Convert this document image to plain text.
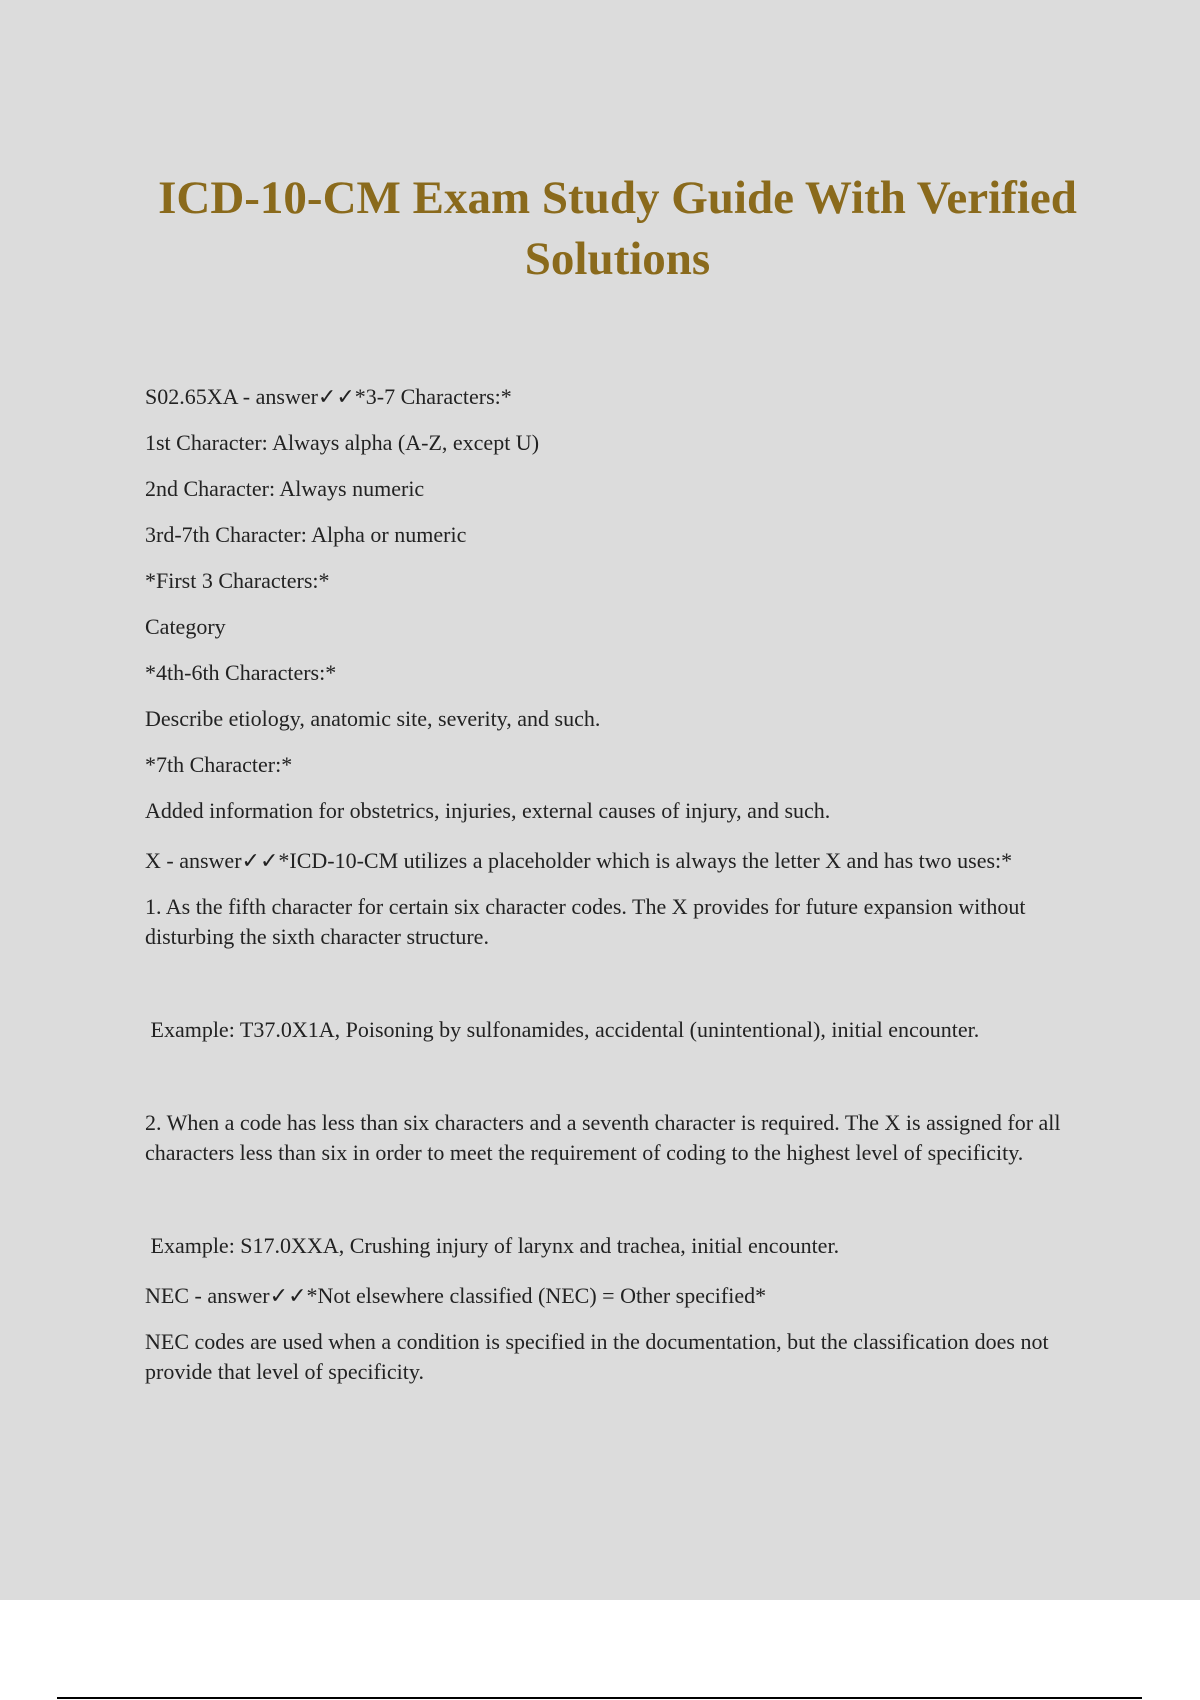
ICD-10-CM Exam Study Guide With Verified Solutions

S02.65XA - answer✓✓*3-7 Characters:*

1st Character: Always alpha (A-Z, except U)

2nd Character: Always numeric

3rd-7th Character: Alpha or numeric

*First 3 Characters:*

Category

*4th-6th Characters:*

Describe etiology, anatomic site, severity, and such.

*7th Character:*

Added information for obstetrics, injuries, external causes of injury, and such.

X - answer✓✓*ICD-10-CM utilizes a placeholder which is always the letter X and has two uses:*

1. As the fifth character for certain six character codes. The X provides for future expansion without disturbing the sixth character structure.

Example: T37.0X1A, Poisoning by sulfonamides, accidental (unintentional), initial encounter.

2. When a code has less than six characters and a seventh character is required. The X is assigned for all characters less than six in order to meet the requirement of coding to the highest level of specificity.

Example: S17.0XXA, Crushing injury of larynx and trachea, initial encounter.

NEC - answer✓✓*Not elsewhere classified (NEC) = Other specified*

NEC codes are used when a condition is specified in the documentation, but the classification does not provide that level of specificity.
